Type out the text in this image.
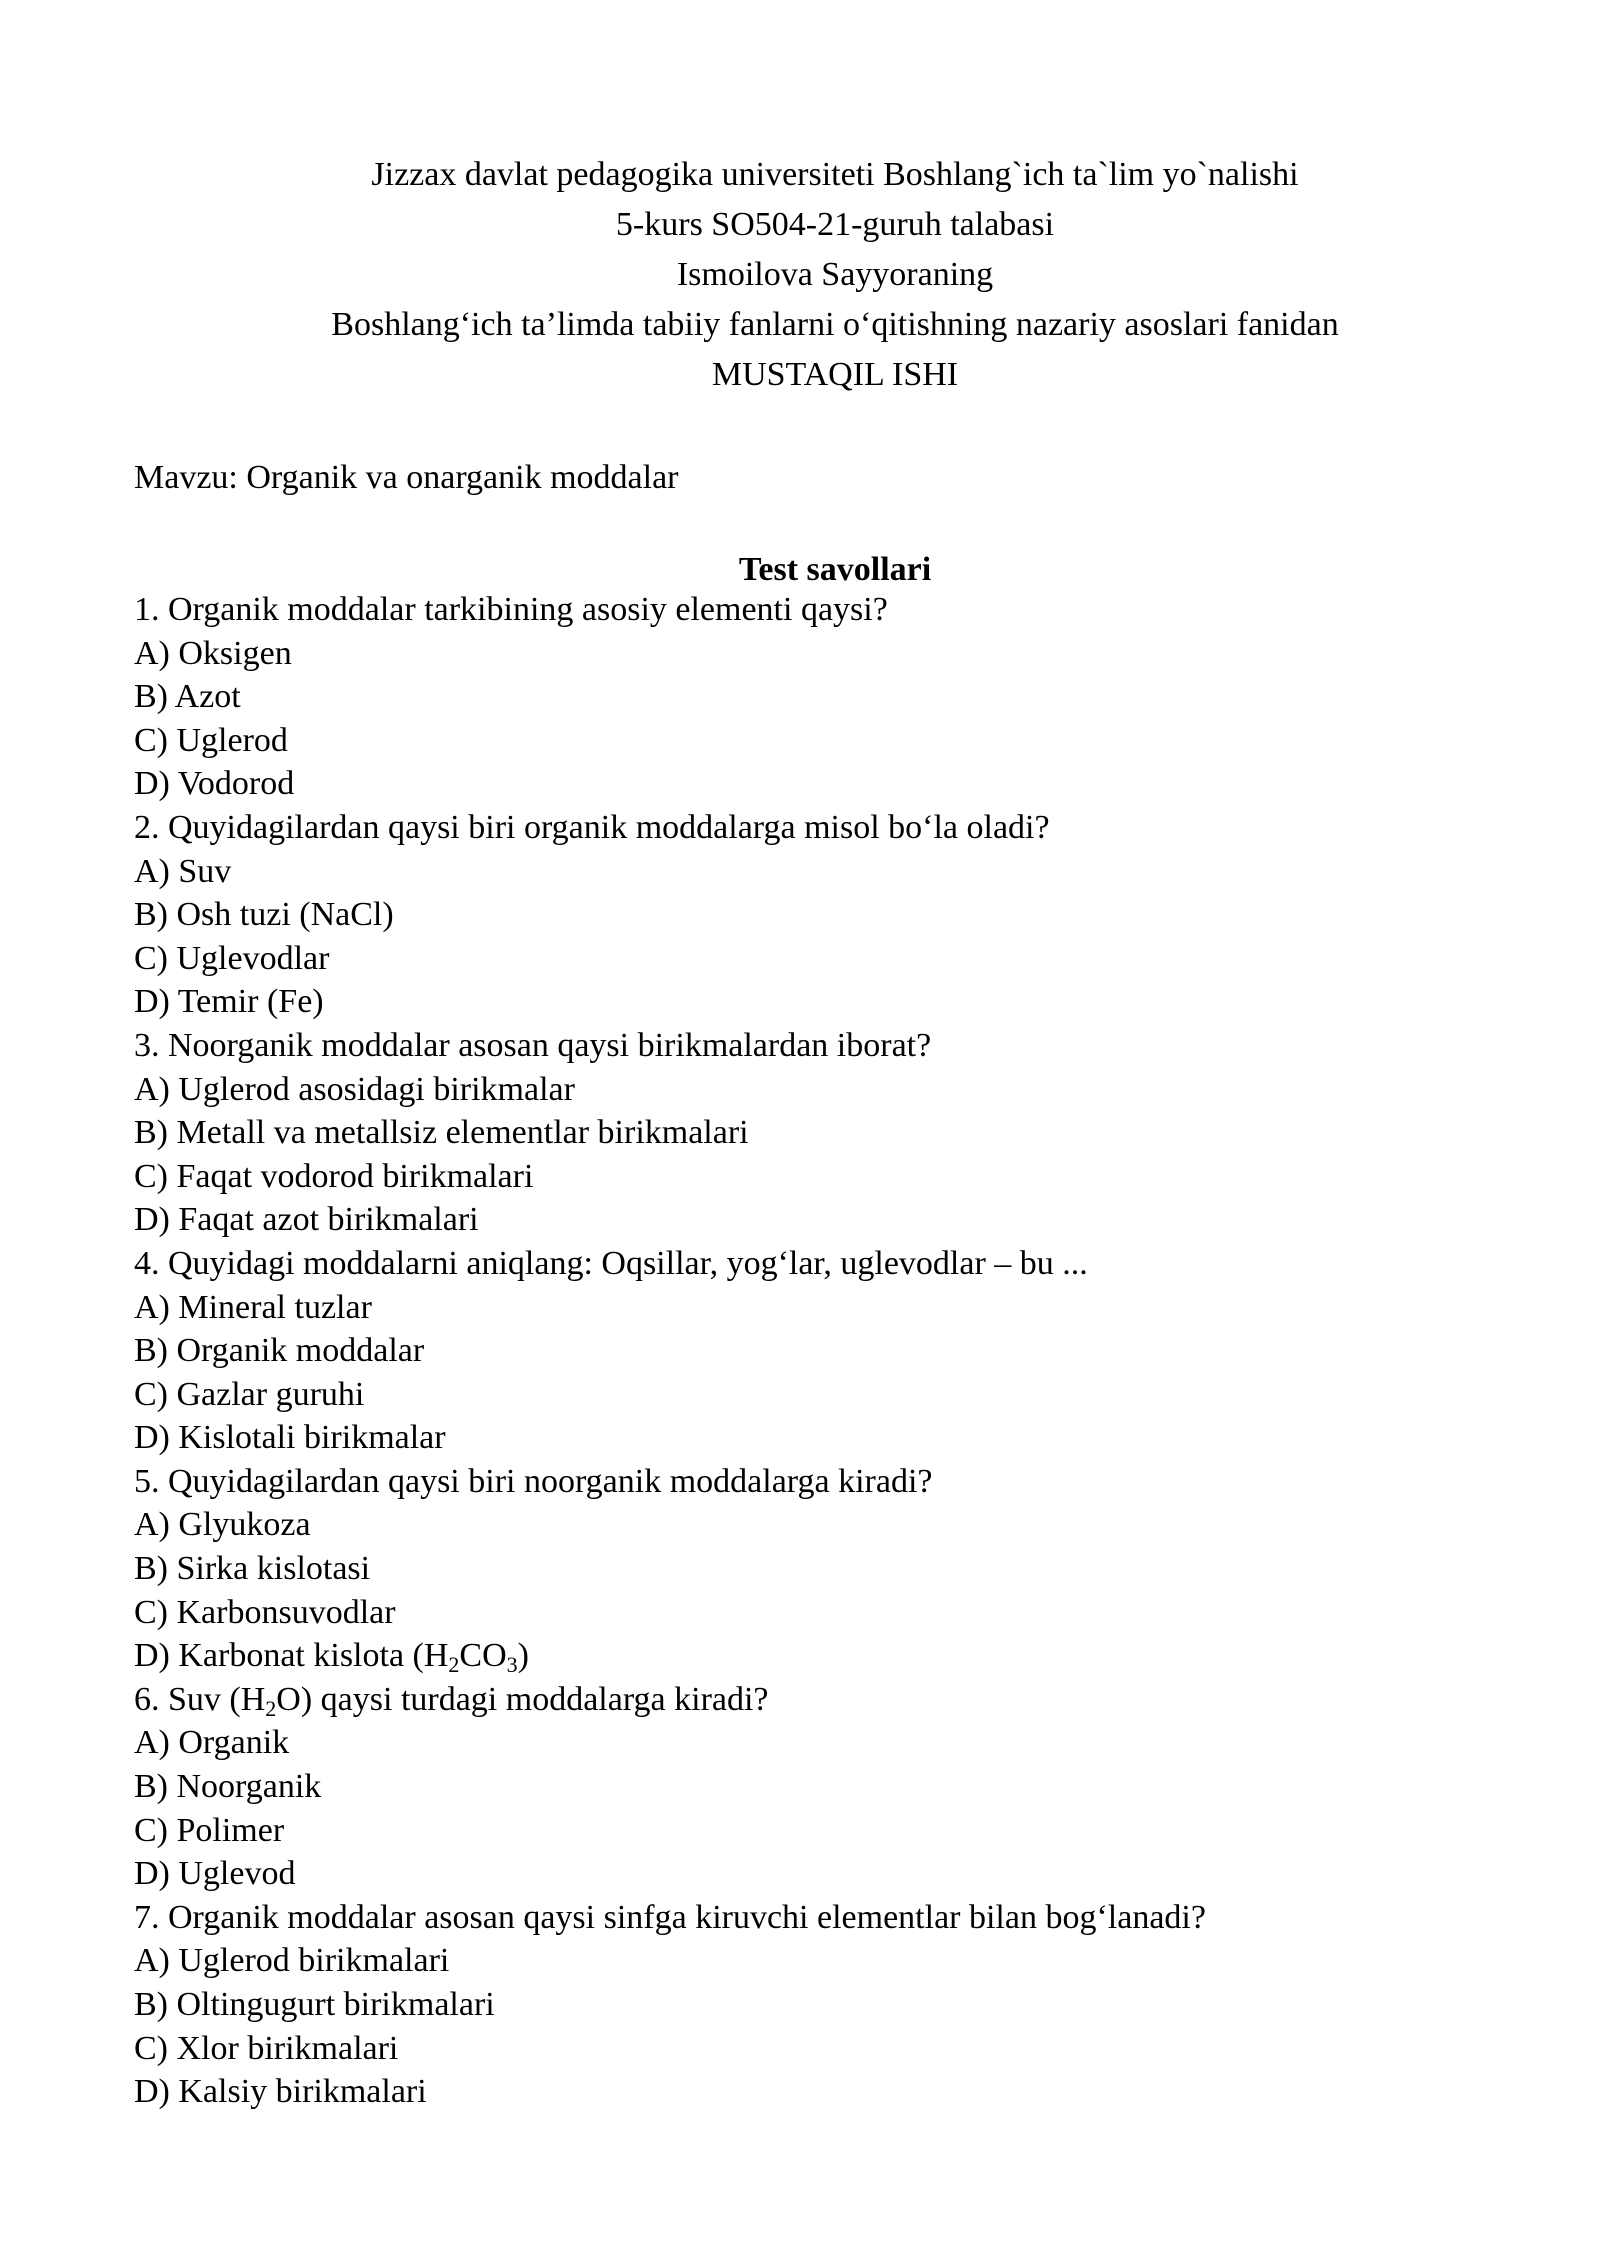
Jizzax davlat pedagogika universiteti Boshlang`ich ta`lim yo`nalishi
5-kurs SO504-21-guruh talabasi
Ismoilova Sayyoraning
Boshlang‘ich ta’limda tabiiy fanlarni o‘qitishning nazariy asoslari fanidan
MUSTAQIL ISHI
Mavzu: Organik va onarganik moddalar
Test savollari
1. Organik moddalar tarkibining asosiy elementi qaysi?
A) Oksigen
B) Azot
C) Uglerod
D) Vodorod
2. Quyidagilardan qaysi biri organik moddalarga misol bo‘la oladi?
A) Suv
B) Osh tuzi (NaCl)
C) Uglevodlar
D) Temir (Fe)
3. Noorganik moddalar asosan qaysi birikmalardan iborat?
A) Uglerod asosidagi birikmalar
B) Metall va metallsiz elementlar birikmalari
C) Faqat vodorod birikmalari
D) Faqat azot birikmalari
4. Quyidagi moddalarni aniqlang: Oqsillar, yog‘lar, uglevodlar – bu ...
A) Mineral tuzlar
B) Organik moddalar
C) Gazlar guruhi
D) Kislotali birikmalar
5. Quyidagilardan qaysi biri noorganik moddalarga kiradi?
A) Glyukoza
B) Sirka kislotasi
C) Karbonsuvodlar
D) Karbonat kislota $(H_2CO_3)$
6. Suv $(H_2O)$ qaysi turdagi moddalarga kiradi?
A) Organik
B) Noorganik
C) Polimer
D) Uglevod
7. Organik moddalar asosan qaysi sinfga kiruvchi elementlar bilan bog‘lanadi?
A) Uglerod birikmalari
B) Oltingugurt birikmalari
C) Xlor birikmalari
D) Kalsiy birikmalari
